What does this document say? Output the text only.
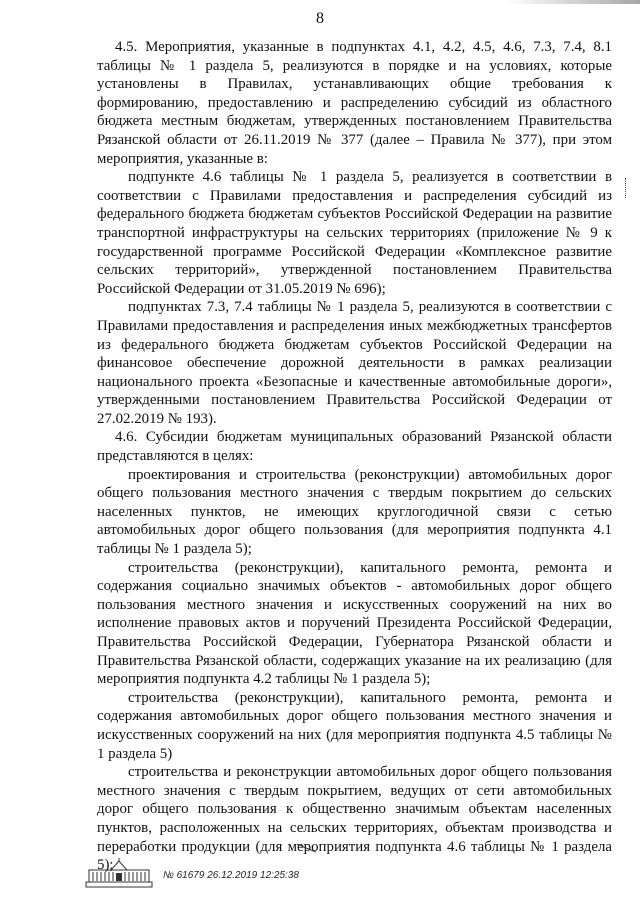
8

4.5. Мероприятия, указанные в подпунктах 4.1, 4.2, 4.5, 4.6, 7.3, 7.4, 8.1 таблицы № 1 раздела 5, реализуются в порядке и на условиях, которые установлены в Правилах, устанавливающих общие требования к формированию, предоставлению и распределению субсидий из областного бюджета местным бюджетам, утвержденных постановлением Правительства Рязанской области от 26.11.2019 № 377 (далее – Правила № 377), при этом мероприятия, указанные в:

подпункте 4.6 таблицы № 1 раздела 5, реализуется в соответствии в соответствии с Правилами предоставления и распределения субсидий из федерального бюджета бюджетам субъектов Российской Федерации на развитие транспортной инфраструктуры на сельских территориях (приложение № 9 к государственной программе Российской Федерации «Комплексное развитие сельских территорий», утвержденной постановлением Правительства Российской Федерации от 31.05.2019 № 696);

подпунктах 7.3, 7.4 таблицы № 1 раздела 5, реализуются в соответствии с Правилами предоставления и распределения иных межбюджетных трансфертов из федерального бюджета бюджетам субъектов Российской Федерации на финансовое обеспечение дорожной деятельности в рамках реализации национального проекта «Безопасные и качественные автомобильные дороги», утвержденными постановлением Правительства Российской Федерации от 27.02.2019 № 193).

4.6. Субсидии бюджетам муниципальных образований Рязанской области представляются в целях:

проектирования и строительства (реконструкции) автомобильных дорог общего пользования местного значения с твердым покрытием до сельских населенных пунктов, не имеющих круглогодичной связи с сетью автомобильных дорог общего пользования (для мероприятия подпункта 4.1 таблицы № 1 раздела 5);

строительства (реконструкции), капитального ремонта, ремонта и содержания социально значимых объектов - автомобильных дорог общего пользования местного значения и искусственных сооружений на них во исполнение правовых актов и поручений Президента Российской Федерации, Правительства Российской Федерации, Губернатора Рязанской области и Правительства Рязанской области, содержащих указание на их реализацию (для мероприятия подпункта 4.2 таблицы № 1 раздела 5);

строительства (реконструкции), капитального ремонта, ремонта и содержания автомобильных дорог общего пользования местного значения и искусственных сооружений на них (для мероприятия подпункта 4.5 таблицы № 1 раздела 5)

строительства и реконструкции автомобильных дорог общего пользования местного значения с твердым покрытием, ведущих от сети автомобильных дорог общего пользования к общественно значимым объектам населенных пунктов, расположенных на сельских территориях, объектам производства и переработки продукции (для мероприятия подпункта 4.6 таблицы № 1 раздела 5);

№ 61679 26.12.2019 12:25:38
